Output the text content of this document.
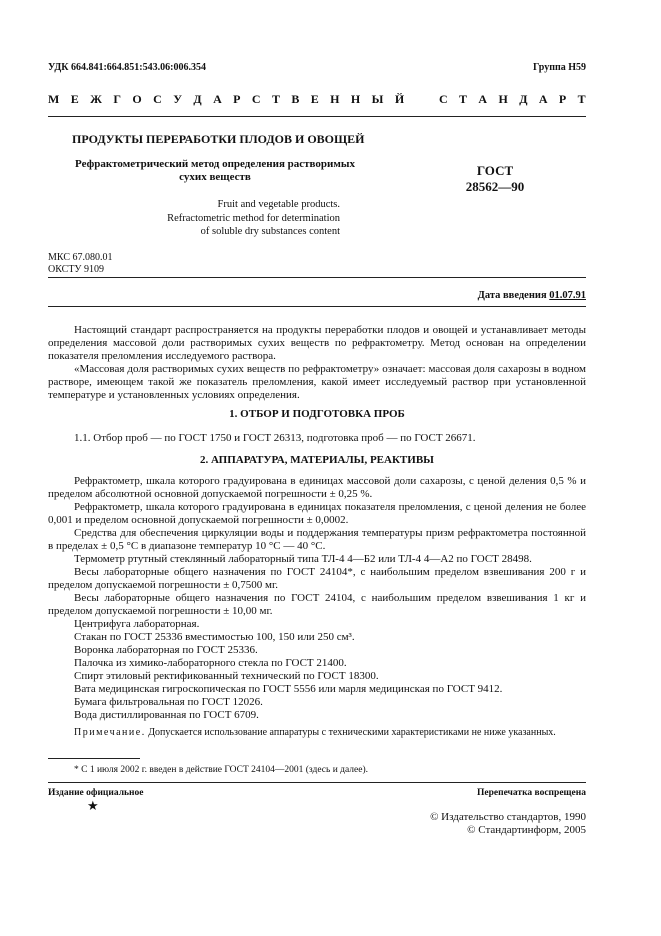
УДК 664.841:664.851:543.06:006.354	Группа Н59
М Е Ж Г О С У Д А Р С Т В Е Н Н Ы Й	С Т А Н Д А Р Т
ПРОДУКТЫ ПЕРЕРАБОТКИ ПЛОДОВ И ОВОЩЕЙ
Рефрактометрический метод определения растворимых
сухих веществ	ГОСТ
28562—90
Fruit and vegetable products.
Refractometric method for determination
of soluble dry substances content
МКС 67.080.01
ОКСТУ 9109
Дата введения 01.07.91

Настоящий стандарт распространяется на продукты переработки плодов и овощей и устанавливает методы определения массовой доли растворимых сухих веществ по рефрактометру. Метод основан на определении показателя преломления исследуемого раствора.

«Массовая доля растворимых сухих веществ по рефрактометру» означает: массовая доля сахарозы в водном растворе, имеющем такой же показатель преломления, какой имеет исследуемый раствор при установленной температуре и установленных условиях определения.

1. ОТБОР И ПОДГОТОВКА ПРОБ

1.1. Отбор проб — по ГОСТ 1750 и ГОСТ 26313, подготовка проб — по ГОСТ 26671.

2. АППАРАТУРА, МАТЕРИАЛЫ, РЕАКТИВЫ

Рефрактометр, шкала которого градуирована в единицах массовой доли сахарозы, с ценой деления 0,5 % и пределом абсолютной основной допускаемой погрешности ± 0,25 %.

Рефрактометр, шкала которого градуирована в единицах показателя преломления, с ценой деления не более 0,001 и пределом основной допускаемой погрешности ± 0,0002.

Средства для обеспечения циркуляции воды и поддержания температуры призм рефрактометра постоянной в пределах ± 0,5 °С в диапазоне температур 10 °С — 40 °С.

Термометр ртутный стеклянный лабораторный типа ТЛ-4 4—Б2 или ТЛ-4 4—А2 по ГОСТ 28498.

Весы лабораторные общего назначения по ГОСТ 24104*, с наибольшим пределом взвешивания 200 г и пределом допускаемой погрешности ± 0,7500 мг.

Весы лабораторные общего назначения по ГОСТ 24104, с наибольшим пределом взвешивания 1 кг и пределом допускаемой погрешности ± 10,00 мг.

Центрифуга лабораторная.

Стакан по ГОСТ 25336 вместимостью 100, 150 или 250 см³.

Воронка лабораторная по ГОСТ 25336.

Палочка из химико-лабораторного стекла по ГОСТ 21400.

Спирт этиловый ректификованный технический по ГОСТ 18300.

Вата медицинская гигроскопическая по ГОСТ 5556 или марля медицинская по ГОСТ 9412.

Бумага фильтровальная по ГОСТ 12026.

Вода дистиллированная по ГОСТ 6709.

Примечание. Допускается использование аппаратуры с техническими характеристиками не ниже указанных.
* С 1 июля 2002 г. введен в действие ГОСТ 24104—2001 (здесь и далее).
Издание официальное	Перепечатка воспрещена
★
© Издательство стандартов, 1990
© Стандартинформ, 2005
